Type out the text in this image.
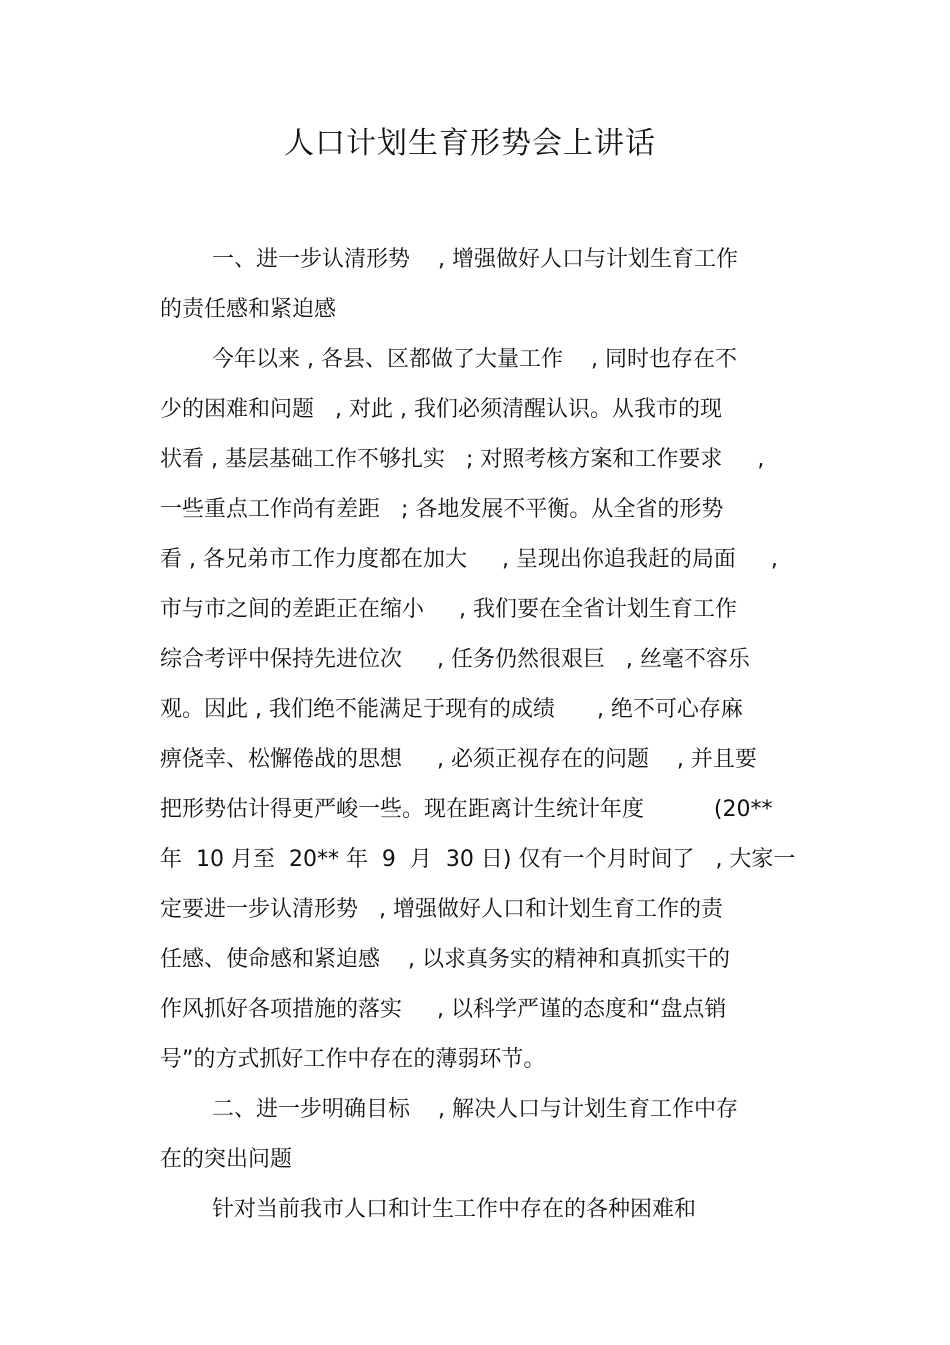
人口计划生育形势会上讲话
一、进一步认清形势    , 增强做好人口与计划生育工作
的责任感和紧迫感
今年以来 , 各县、区都做了大量工作    , 同时也存在不
少的困难和问题   , 对此 , 我们必须清醒认识。从我市的现
状看 , 基层基础工作不够扎实   ; 对照考核方案和工作要求     ,
一些重点工作尚有差距   ; 各地发展不平衡。从全省的形势
看 , 各兄弟市工作力度都在加大     , 呈现出你追我赶的局面     ,
市与市之间的差距正在缩小     , 我们要在全省计划生育工作
综合考评中保持先进位次     , 任务仍然很艰巨   , 丝毫不容乐
观。因此 , 我们绝不能满足于现有的成绩      , 绝不可心存麻
痹侥幸、松懈倦战的思想     , 必须正视存在的问题    , 并且要
把形势估计得更严峻一些。现在距离计生统计年度          (20**
年  10 月至  20** 年  9  月  30 日) 仅有一个月时间了   , 大家一
定要进一步认清形势   , 增强做好人口和计划生育工作的责
任感、使命感和紧迫感    , 以求真务实的精神和真抓实干的
作风抓好各项措施的落实     , 以科学严谨的态度和“盘点销
号”的方式抓好工作中存在的薄弱环节。
二、进一步明确目标    , 解决人口与计划生育工作中存
在的突出问题
针对当前我市人口和计生工作中存在的各种困难和
